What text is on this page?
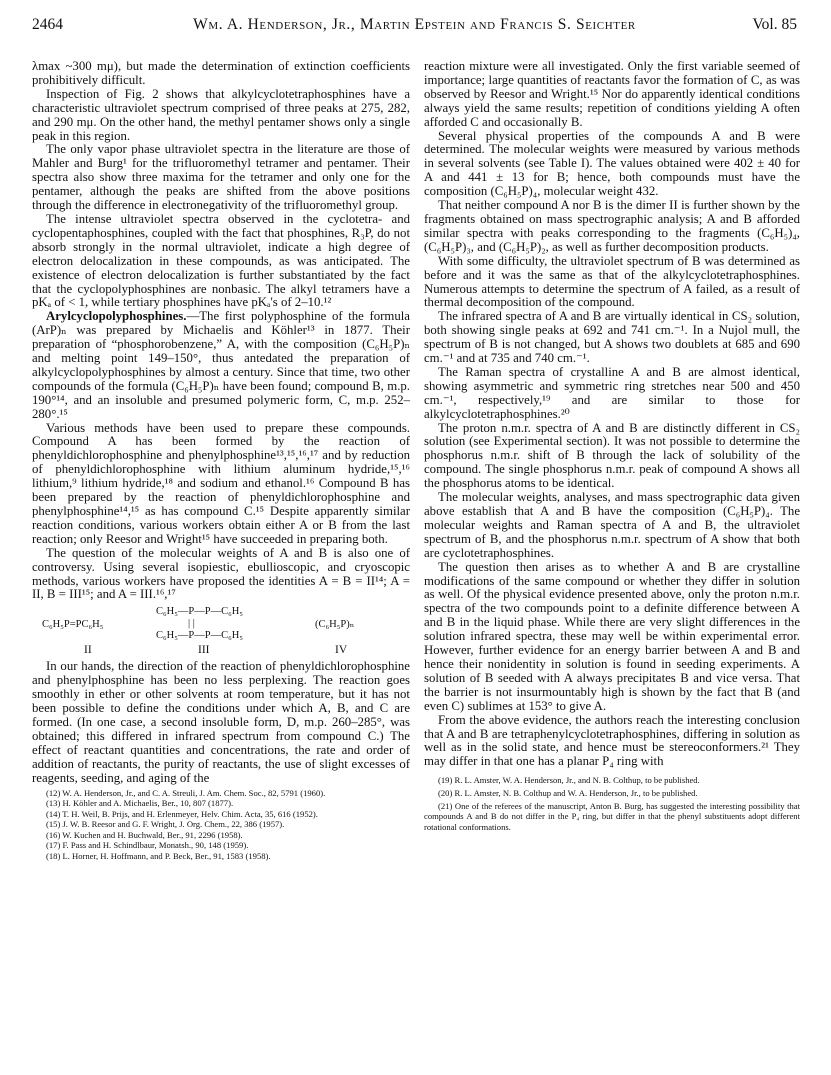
2464	Wm. A. Henderson, Jr., Martin Epstein and Francis S. Seichter	Vol. 85

λmax ~300 mμ), but made the determination of extinction coefficients prohibitively difficult.

Inspection of Fig. 2 shows that alkylcyclotetraphosphines have a characteristic ultraviolet spectrum comprised of three peaks at 275, 282, and 290 mμ. On the other hand, the methyl pentamer shows only a single peak in this region.

The only vapor phase ultraviolet spectra in the literature are those of Mahler and Burg¹ for the trifluoromethyl tetramer and pentamer. Their spectra also show three maxima for the tetramer and only one for the pentamer, although the peaks are shifted from the above positions through the difference in electronegativity of the trifluoromethyl group.

The intense ultraviolet spectra observed in the cyclotetra- and cyclopentaphosphines, coupled with the fact that phosphines, R₃P, do not absorb strongly in the normal ultraviolet, indicate a high degree of electron delocalization in these compounds, as was anticipated. The existence of electron delocalization is further substantiated by the fact that the cyclopolyphosphines are nonbasic. The alkyl tetramers have a pKₐ of < 1, while tertiary phosphines have pKₐ's of 2–10.¹²

Arylcyclopolyphosphines.—The first polyphosphine of the formula (ArP)ₙ was prepared by Michaelis and Köhler¹³ in 1877. Their preparation of “phosphorobenzene,” A, with the composition (C₆H₅P)ₙ and melting point 149–150°, thus antedated the preparation of alkylcyclopolyphosphines by almost a century. Since that time, two other compounds of the formula (C₆H₅P)ₙ have been found; compound B, m.p. 190°¹⁴, and an insoluble and presumed polymeric form, C, m.p. 252–280°.¹⁵

Various methods have been used to prepare these compounds. Compound A has been formed by the reaction of phenyldichlorophosphine and phenylphosphine¹³,¹⁵,¹⁶,¹⁷ and by reduction of phenyldichlorophosphine with lithium aluminum hydride,¹⁵,¹⁶ lithium,⁹ lithium hydride,¹⁸ and sodium and ethanol.¹⁶ Compound B has been prepared by the reaction of phenyldichlorophosphine and phenylphosphine¹⁴,¹⁵ as has compound C.¹⁵ Despite apparently similar reaction conditions, various workers obtain either A or B from the last reaction; only Reesor and Wright¹⁵ have succeeded in preparing both.

The question of the molecular weights of A and B is also one of controversy. Using several isopiestic, ebullioscopic, and cryoscopic methods, various workers have proposed the identities A = B = II¹⁴; A = II, B = III¹⁵; and A = III.¹⁶,¹⁷

C₆H₅P=PC₆H₅
C₆H₅—P—P—C₆H₅
| |
C₆H₅—P—P—C₆H₅
(C₆H₅P)ₙ
II	III	IV

In our hands, the direction of the reaction of phenyldichlorophosphine and phenylphosphine has been no less perplexing. The reaction goes smoothly in ether or other solvents at room temperature, but it has not been possible to define the conditions under which A, B, and C are formed. (In one case, a second insoluble form, D, m.p. 260–285°, was obtained; this differed in infrared spectrum from compound C.) The effect of reactant quantities and concentrations, the rate and order of addition of reactants, the purity of reactants, the use of slight excesses of reagents, seeding, and aging of the

(12) W. A. Henderson, Jr., and C. A. Streuli, J. Am. Chem. Soc., 82, 5791 (1960).

(13) H. Köhler and A. Michaelis, Ber., 10, 807 (1877).

(14) T. H. Weil, B. Prijs, and H. Erlenmeyer, Helv. Chim. Acta, 35, 616 (1952).

(15) J. W. B. Reesor and G. F. Wright, J. Org. Chem., 22, 386 (1957).

(16) W. Kuchen and H. Buchwald, Ber., 91, 2296 (1958).

(17) F. Pass and H. Schindlbaur, Monatsh., 90, 148 (1959).

(18) L. Horner, H. Hoffmann, and P. Beck, Ber., 91, 1583 (1958).

reaction mixture were all investigated. Only the first variable seemed of importance; large quantities of reactants favor the formation of C, as was observed by Reesor and Wright.¹⁵ Nor do apparently identical conditions always yield the same results; repetition of conditions yielding A often afforded C and occasionally B.

Several physical properties of the compounds A and B were determined. The molecular weights were measured by various methods in several solvents (see Table I). The values obtained were 402 ± 40 for A and 441 ± 13 for B; hence, both compounds must have the composition (C₆H₅P)₄, molecular weight 432.

That neither compound A nor B is the dimer II is further shown by the fragments obtained on mass spectrographic analysis; A and B afforded similar spectra with peaks corresponding to the fragments (C₆H₅)₄, (C₆H₅P)₃, and (C₆H₅P)₂, as well as further decomposition products.

With some difficulty, the ultraviolet spectrum of B was determined as before and it was the same as that of the alkylcyclotetraphosphines. Numerous attempts to determine the spectrum of A failed, as a result of thermal decomposition of the compound.

The infrared spectra of A and B are virtually identical in CS₂ solution, both showing single peaks at 692 and 741 cm.⁻¹. In a Nujol mull, the spectrum of B is not changed, but A shows two doublets at 685 and 690 cm.⁻¹ and at 735 and 740 cm.⁻¹.

The Raman spectra of crystalline A and B are almost identical, showing asymmetric and symmetric ring stretches near 500 and 450 cm.⁻¹, respectively,¹⁹ and are similar to those for alkylcyclotetraphosphines.²⁰

The proton n.m.r. spectra of A and B are distinctly different in CS₂ solution (see Experimental section). It was not possible to determine the phosphorus n.m.r. shift of B through the lack of solubility of the compound. The single phosphorus n.m.r. peak of compound A shows all the phosphorus atoms to be identical.

The molecular weights, analyses, and mass spectrographic data given above establish that A and B have the composition (C₆H₅P)₄. The molecular weights and Raman spectra of A and B, the ultraviolet spectrum of B, and the phosphorus n.m.r. spectrum of A show that both are cyclotetraphosphines.

The question then arises as to whether A and B are crystalline modifications of the same compound or whether they differ in solution as well. Of the physical evidence presented above, only the proton n.m.r. spectra of the two compounds point to a definite difference between A and B in the liquid phase. While there are very slight differences in the solution infrared spectra, these may well be within experimental error. However, further evidence for an energy barrier between A and B and hence their nonidentity in solution is found in seeding experiments. A solution of B seeded with A always precipitates B and vice versa. That the barrier is not insurmountably high is shown by the fact that B (and even C) sublimes at 153° to give A.

From the above evidence, the authors reach the interesting conclusion that A and B are tetraphenylcyclotetraphosphines, differing in solution as well as in the solid state, and hence must be stereoconformers.²¹ They may differ in that one has a planar P₄ ring with

(19) R. L. Amster, W. A. Henderson, Jr., and N. B. Colthup, to be published.

(20) R. L. Amster, N. B. Colthup and W. A. Henderson, Jr., to be published.

(21) One of the referees of the manuscript, Anton B. Burg, has suggested the interesting possibility that compounds A and B do not differ in the P₄ ring, but differ in that the phenyl substituents adopt different rotational conformations.
